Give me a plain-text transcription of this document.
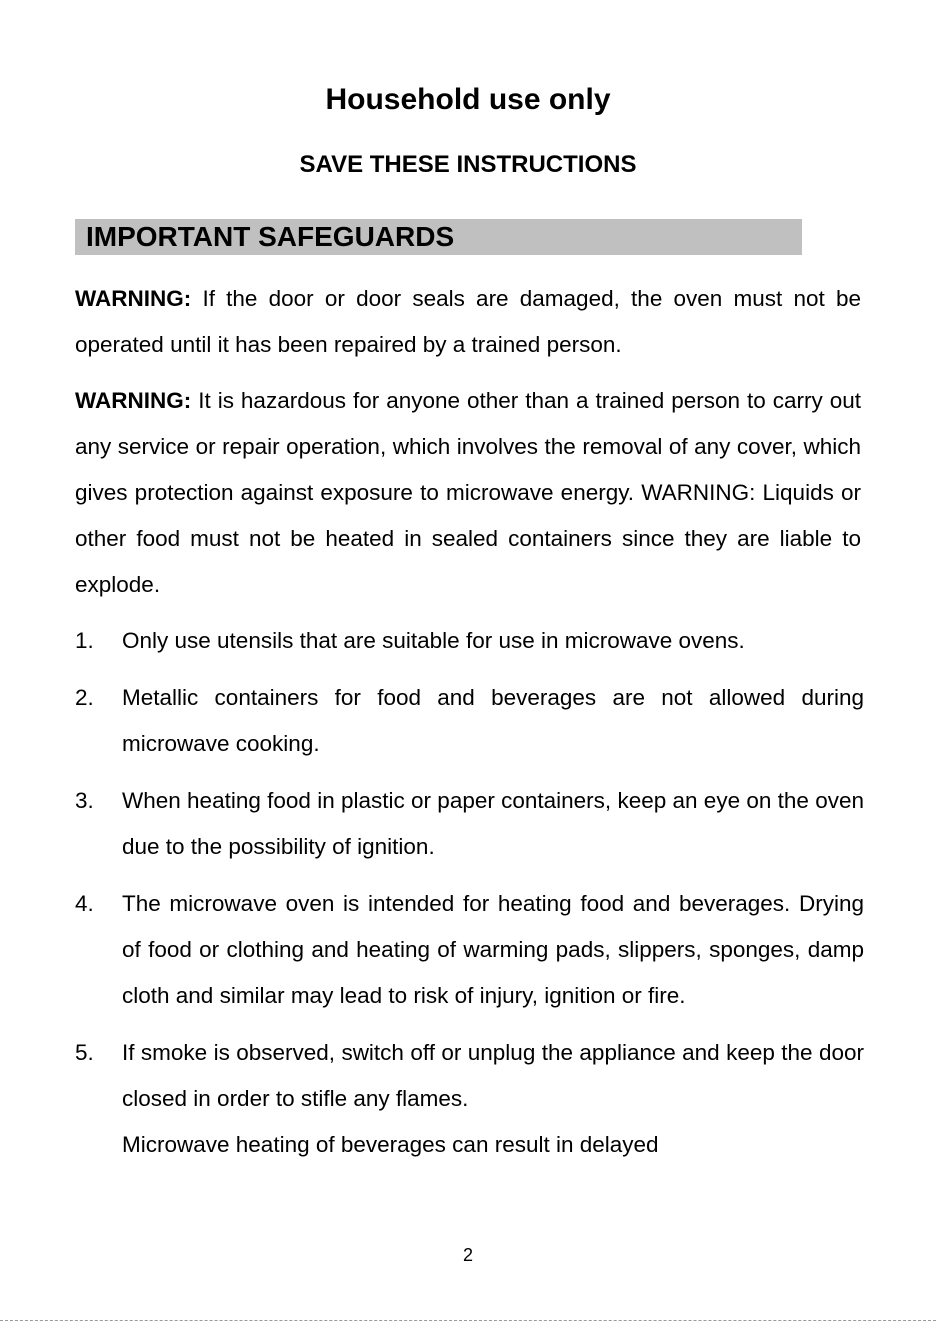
Household use only
SAVE THESE INSTRUCTIONS
IMPORTANT SAFEGUARDS

WARNING: If the door or door seals are damaged, the oven must not be operated until it has been repaired by a trained person.

WARNING: It is hazardous for anyone other than a trained person to carry out any service or repair operation, which involves the removal of any cover, which gives protection against exposure to microwave energy. WARNING: Liquids or other food must not be heated in sealed containers since they are liable to explode.

1. Only use utensils that are suitable for use in microwave ovens.
2. Metallic containers for food and beverages are not allowed during microwave cooking.
3. When heating food in plastic or paper containers, keep an eye on the oven due to the possibility of ignition.
4. The microwave oven is intended for heating food and beverages. Drying of food or clothing and heating of warming pads, slippers, sponges, damp cloth and similar may lead to risk of injury, ignition or fire.
5. If smoke is observed, switch off or unplug the appliance and keep the door closed in order to stifle any flames.
Microwave heating of beverages can result in delayed
2
